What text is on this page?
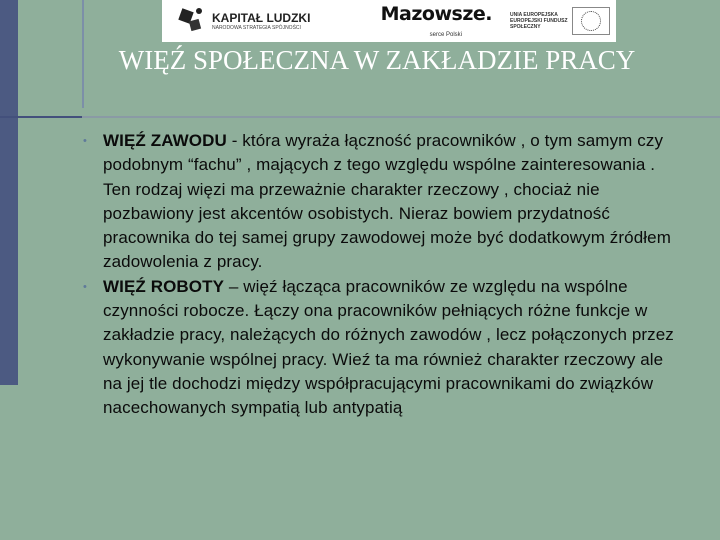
KAPITAŁ LUDZKI
NARODOWA STRATEGIA SPÓJNOŚCI
Mazowsze.
serce Polski
UNIA EUROPEJSKA EUROPEJSKI FUNDUSZ SPOŁECZNY
WIĘŹ SPOŁECZNA W ZAKŁADZIE PRACY
• WIĘŹ ZAWODU - która wyraża łączność pracowników , o tym samym czy podobnym “fachu” , mających z tego względu wspólne zainteresowania . Ten rodzaj więzi ma przeważnie charakter rzeczowy , chociaż nie pozbawiony jest akcentów osobistych. Nieraz bowiem przydatność pracownika do tej samej grupy zawodowej może być dodatkowym źródłem zadowolenia z pracy.
• WIĘŹ ROBOTY – więź łącząca pracowników ze względu na wspólne czynności robocze. Łączy ona pracowników pełniących różne funkcje w zakładzie pracy, należących do różnych zawodów , lecz połączonych przez wykonywanie wspólnej pracy. Wieź ta ma również charakter rzeczowy ale na jej tle dochodzi między współpracującymi pracownikami do związków nacechowanych sympatią lub antypatią
